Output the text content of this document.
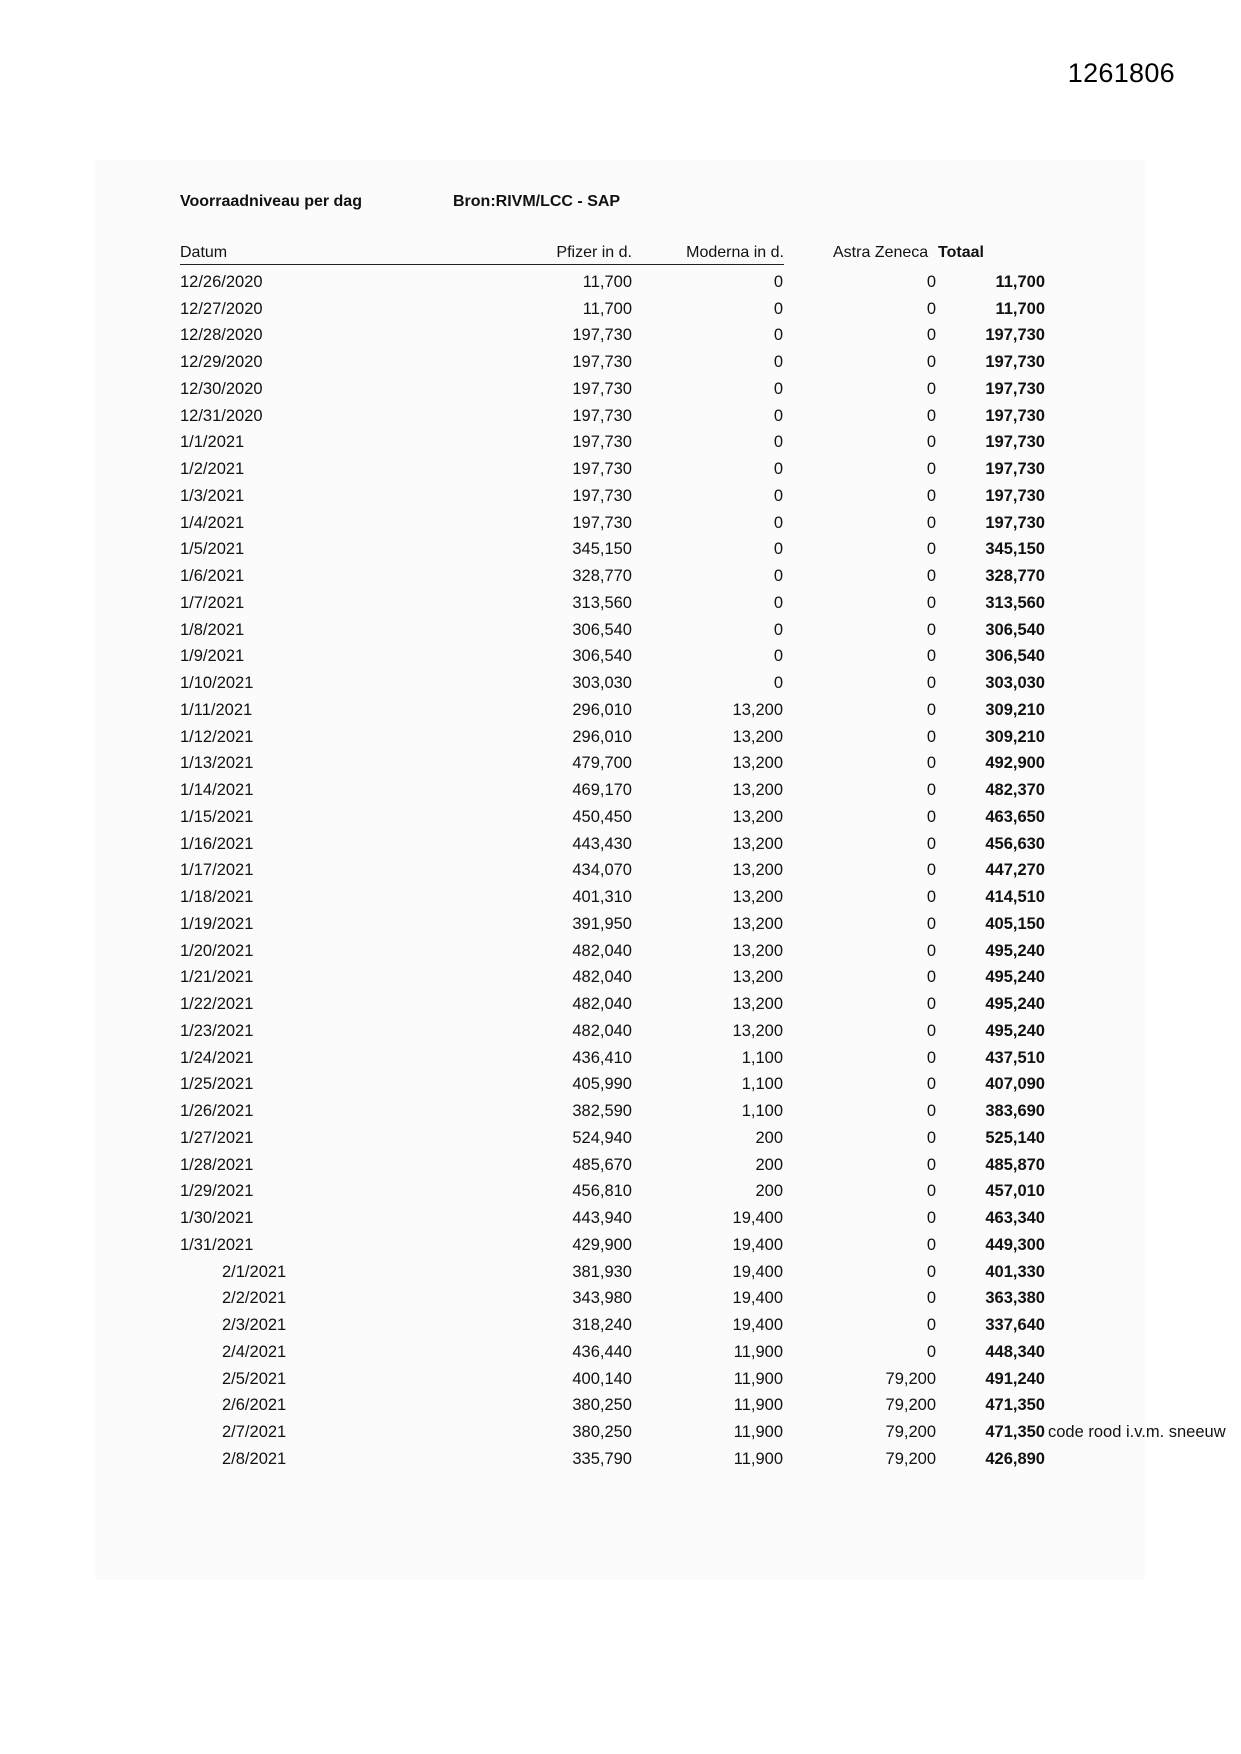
1261806
Voorraadniveau per dag	Bron:RIVM/LCC - SAP
Datum	Pfizer in d.	Moderna in d.	Astra Zeneca Totaal
12/26/2020	11,700	0	0	11,700
12/27/2020	11,700	0	0	11,700
12/28/2020	197,730	0	0	197,730
12/29/2020	197,730	0	0	197,730
12/30/2020	197,730	0	0	197,730
12/31/2020	197,730	0	0	197,730
1/1/2021	197,730	0	0	197,730
1/2/2021	197,730	0	0	197,730
1/3/2021	197,730	0	0	197,730
1/4/2021	197,730	0	0	197,730
1/5/2021	345,150	0	0	345,150
1/6/2021	328,770	0	0	328,770
1/7/2021	313,560	0	0	313,560
1/8/2021	306,540	0	0	306,540
1/9/2021	306,540	0	0	306,540
1/10/2021	303,030	0	0	303,030
1/11/2021	296,010	13,200	0	309,210
1/12/2021	296,010	13,200	0	309,210
1/13/2021	479,700	13,200	0	492,900
1/14/2021	469,170	13,200	0	482,370
1/15/2021	450,450	13,200	0	463,650
1/16/2021	443,430	13,200	0	456,630
1/17/2021	434,070	13,200	0	447,270
1/18/2021	401,310	13,200	0	414,510
1/19/2021	391,950	13,200	0	405,150
1/20/2021	482,040	13,200	0	495,240
1/21/2021	482,040	13,200	0	495,240
1/22/2021	482,040	13,200	0	495,240
1/23/2021	482,040	13,200	0	495,240
1/24/2021	436,410	1,100	0	437,510
1/25/2021	405,990	1,100	0	407,090
1/26/2021	382,590	1,100	0	383,690
1/27/2021	524,940	200	0	525,140
1/28/2021	485,670	200	0	485,870
1/29/2021	456,810	200	0	457,010
1/30/2021	443,940	19,400	0	463,340
1/31/2021	429,900	19,400	0	449,300
2/1/2021	381,930	19,400	0	401,330
2/2/2021	343,980	19,400	0	363,380
2/3/2021	318,240	19,400	0	337,640
2/4/2021	436,440	11,900	0	448,340
2/5/2021	400,140	11,900	79,200	491,240
2/6/2021	380,250	11,900	79,200	471,350
2/7/2021	380,250	11,900	79,200	471,350 code rood i.v.m. sneeuw
2/8/2021	335,790	11,900	79,200	426,890
